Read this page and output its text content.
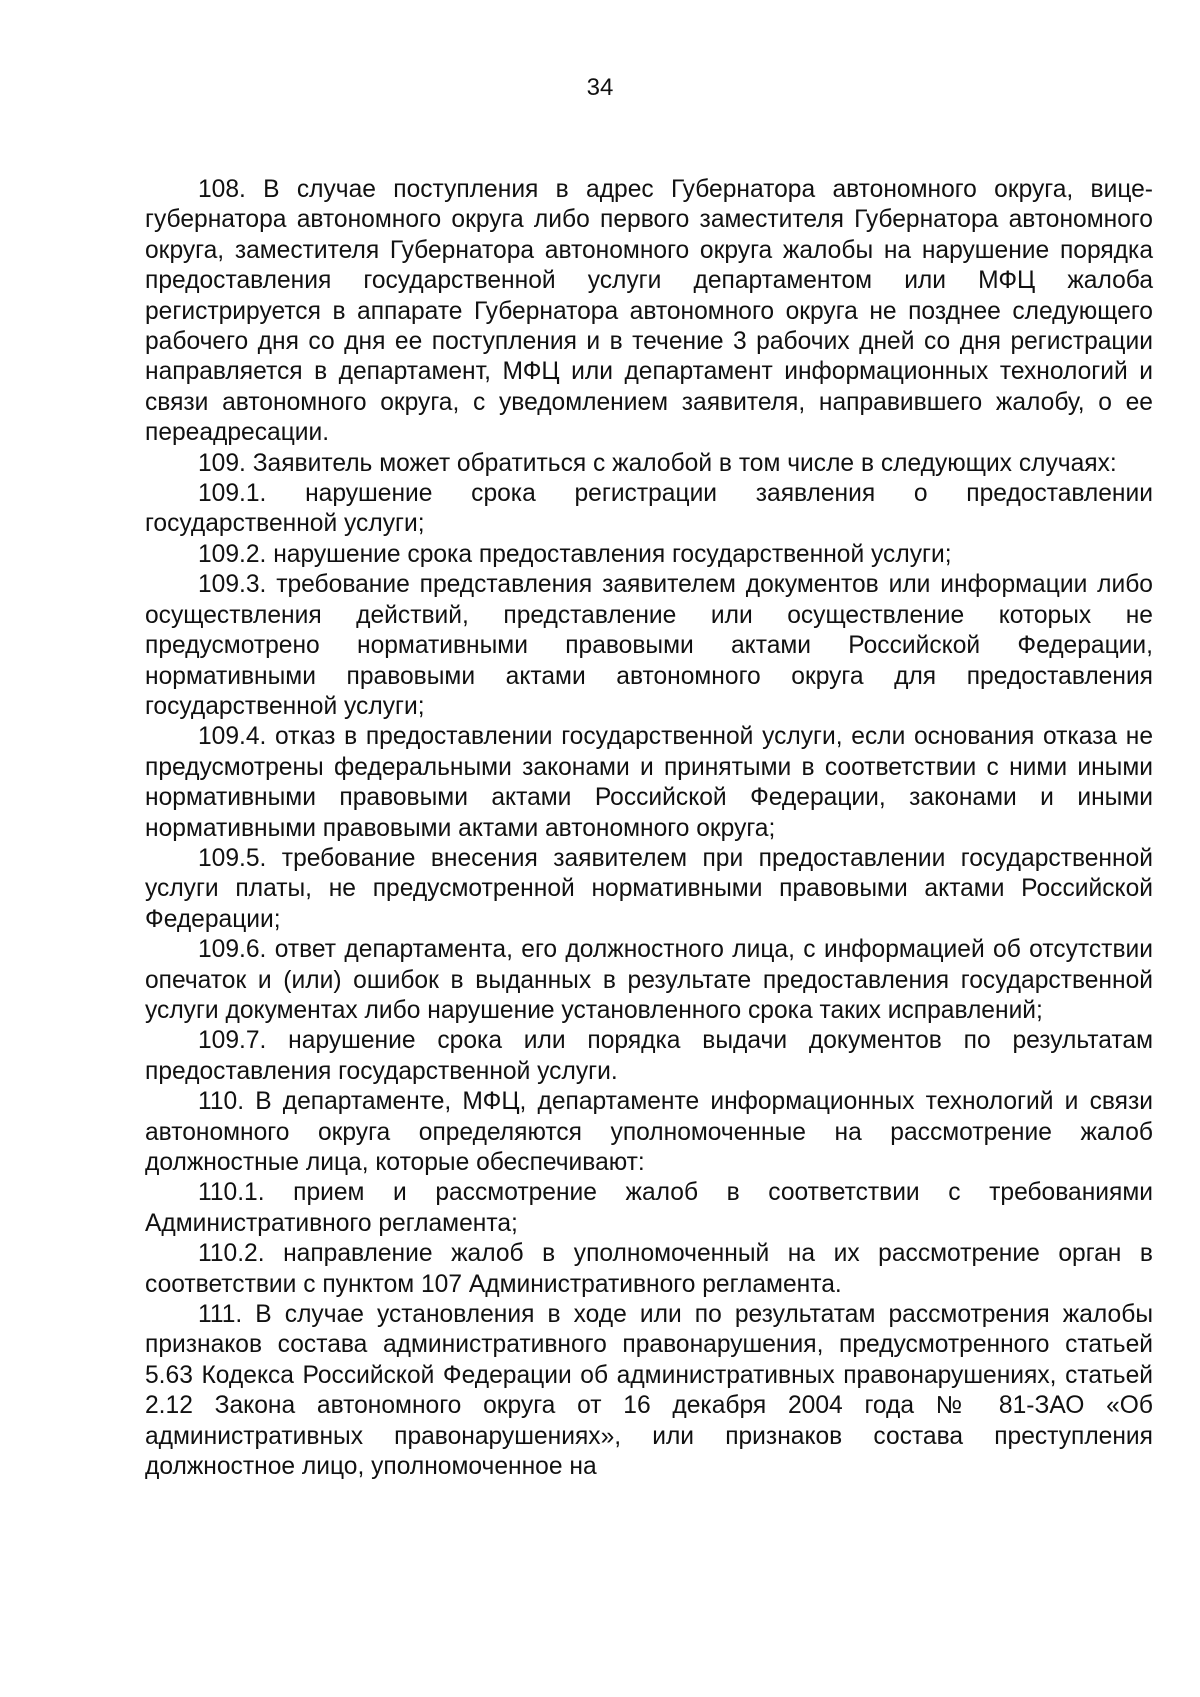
34

108. В случае поступления в адрес Губернатора автономного округа, вице-губернатора автономного округа либо первого заместителя Губернатора автономного округа, заместителя Губернатора автономного округа жалобы на нарушение порядка предоставления государственной услуги департаментом или МФЦ жалоба регистрируется в аппарате Губернатора автономного округа не позднее следующего рабочего дня со дня ее поступления и в течение 3 рабочих дней со дня регистрации направляется в департамент, МФЦ или департамент информационных технологий и связи автономного округа, с уведомлением заявителя, направившего жалобу, о ее переадресации.

109. Заявитель может обратиться с жалобой в том числе в следующих случаях:

109.1. нарушение срока регистрации заявления о предоставлении государственной услуги;

109.2. нарушение срока предоставления государственной услуги;

109.3. требование представления заявителем документов или информации либо осуществления действий, представление или осуществление которых не предусмотрено нормативными правовыми актами Российской Федерации, нормативными правовыми актами автономного округа для предоставления государственной услуги;

109.4. отказ в предоставлении государственной услуги, если основания отказа не предусмотрены федеральными законами и принятыми в соответствии с ними иными нормативными правовыми актами Российской Федерации, законами и иными нормативными правовыми актами автономного округа;

109.5. требование внесения заявителем при предоставлении государственной услуги платы, не предусмотренной нормативными правовыми актами Российской Федерации;

109.6. ответ департамента, его должностного лица, с информацией об отсутствии опечаток и (или) ошибок в выданных в результате предоставления государственной услуги документах либо нарушение установленного срока таких исправлений;

109.7. нарушение срока или порядка выдачи документов по результатам предоставления государственной услуги.

110. В департаменте, МФЦ, департаменте информационных технологий и связи автономного округа определяются уполномоченные на рассмотрение жалоб должностные лица, которые обеспечивают:

110.1. прием и рассмотрение жалоб в соответствии с требованиями Административного регламента;

110.2. направление жалоб в уполномоченный на их рассмотрение орган в соответствии с пунктом 107 Административного регламента.

111. В случае установления в ходе или по результатам рассмотрения жалобы признаков состава административного правонарушения, предусмотренного статьей 5.63 Кодекса Российской Федерации об административных правонарушениях, статьей 2.12 Закона автономного округа от 16 декабря 2004 года № 81-ЗАО «Об административных правонарушениях», или признаков состава преступления должностное лицо, уполномоченное на
